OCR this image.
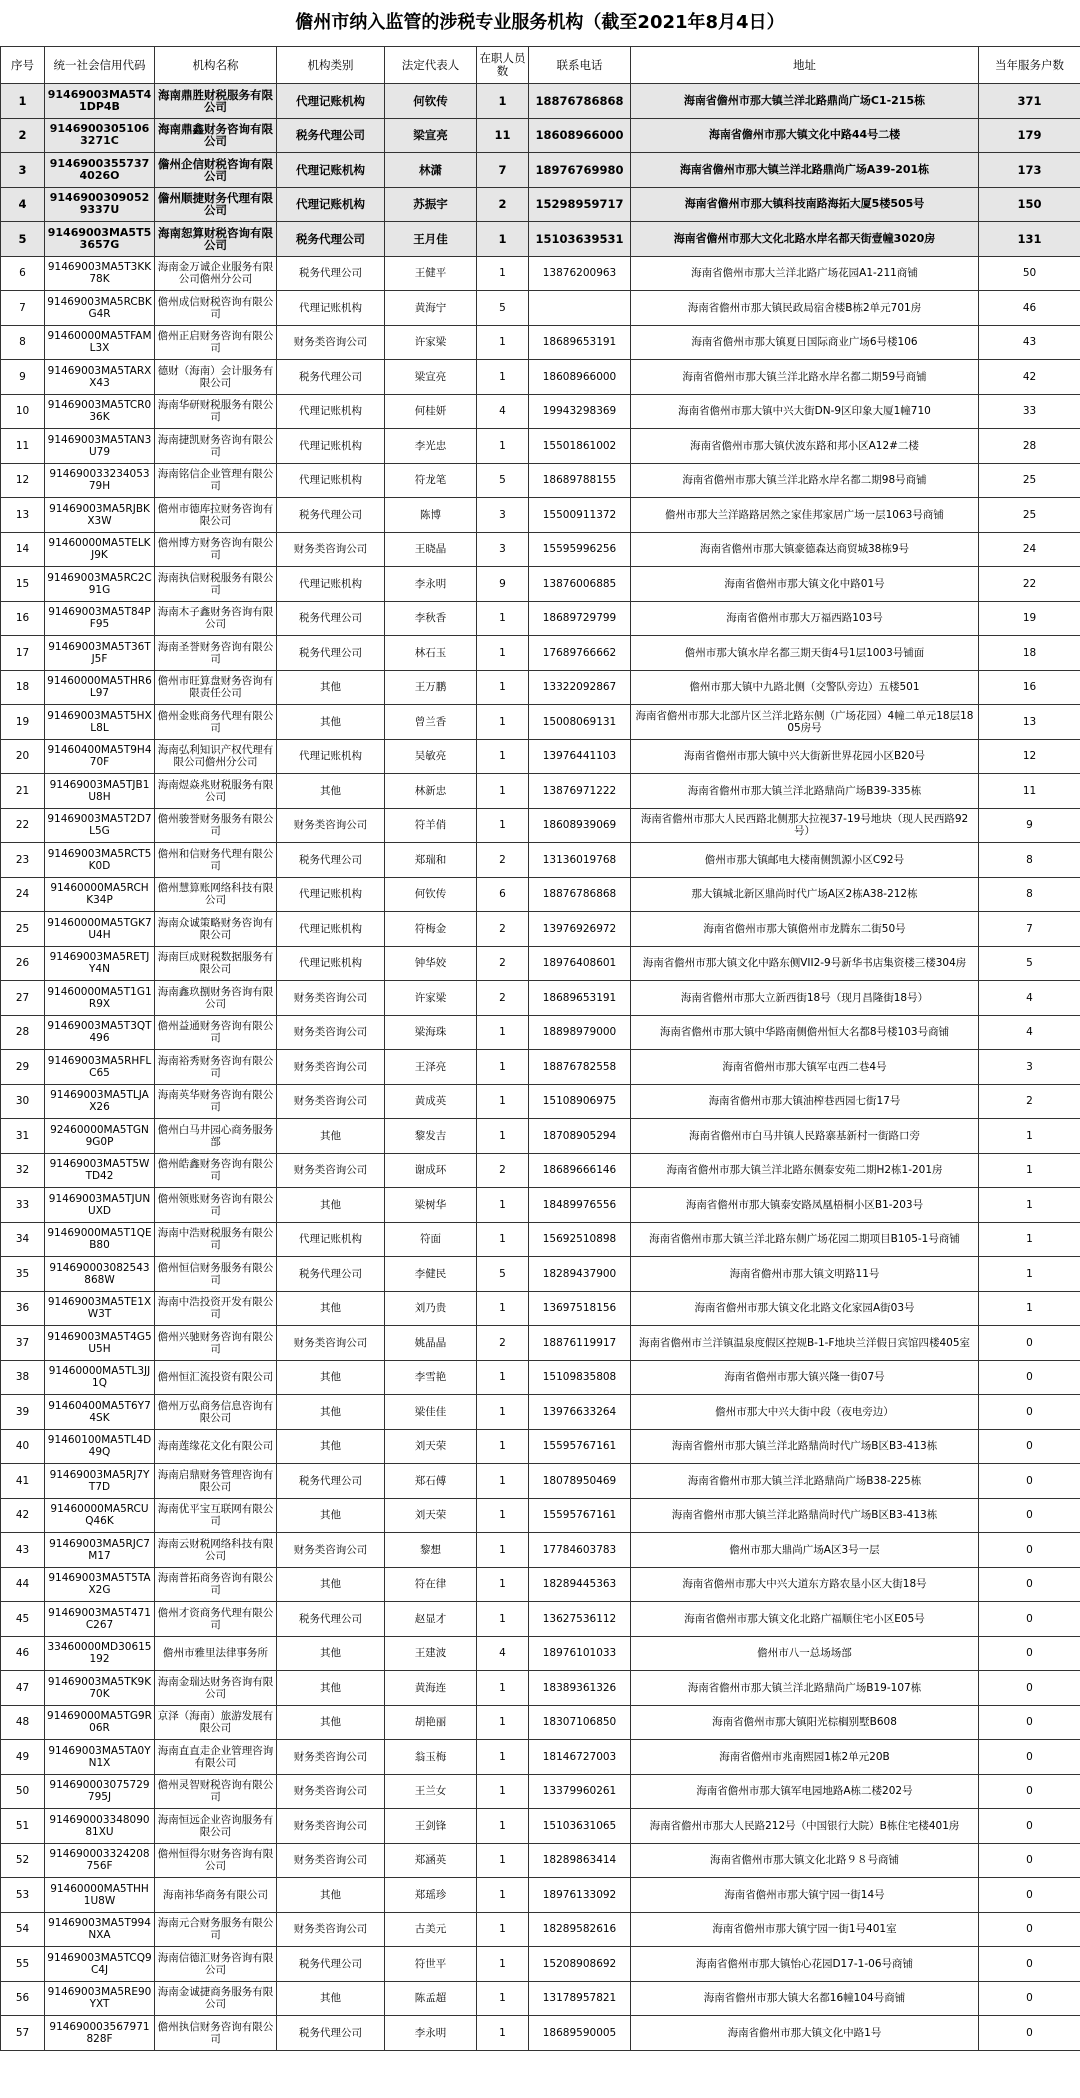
儋州市纳入监管的涉税专业服务机构（截至2021年8月4日）
序号	统一社会信用代码	机构名称	机构类别	法定代表人	在职人员数	联系电话	地址	当年服务户数
1	91469003MA5T41DP4B	海南鼎胜财税服务有限公司	代理记账机构	何钦传	1	18876786868	海南省儋州市那大镇兰洋北路鼎尚广场C1-215栋	371
2	91469003051063271C	海南鼎鑫财务咨询有限公司	税务代理公司	梁宣亮	11	18608966000	海南省儋州市那大镇文化中路44号二楼	179
3	91469003557374026O	儋州企信财税咨询有限公司	代理记账机构	林潇	7	18976769980	海南省儋州市那大镇兰洋北路鼎尚广场A39-201栋	173
4	91469003090529337U	儋州顺捷财务代理有限公司	代理记账机构	苏振宇	2	15298959717	海南省儋州市那大镇科技南路海拓大厦5楼505号	150
5	91469003MA5T53657G	海南恕算财税咨询有限公司	税务代理公司	王月佳	1	15103639531	海南省儋州市那大文化北路水岸名都天街壹幢3020房	131
6	91469003MA5T3KK78K	海南金万诚企业服务有限公司儋州分公司	税务代理公司	王健平	1	13876200963	海南省儋州市那大兰洋北路广场花园A1-211商铺	50
7	91469003MA5RCBKG4R	儋州成信财税咨询有限公司	代理记账机构	黄海宁	5		海南省儋州市那大镇民政局宿舍楼B栋2单元701房	46
8	91460000MA5TFAML3X	儋州正启财务咨询有限公司	财务类咨询公司	许家梁	1	18689653191	海南省儋州市那大镇夏日国际商业广场6号楼106	43
9	91469003MA5TARXX43	德财（海南）会计服务有限公司	税务代理公司	梁宣亮	1	18608966000	海南省儋州市那大镇兰洋北路水岸名都二期59号商铺	42
10	91469003MA5TCR036K	海南华研财税服务有限公司	代理记账机构	何桂妍	4	19943298369	海南省儋州市那大镇中兴大街DN-9区印象大厦1幢710	33
11	91469003MA5TAN3U79	海南捷凯财务咨询有限公司	代理记账机构	李光忠	1	15501861002	海南省儋州市那大镇伏波东路和邦小区A12#二楼	28
12	91469003323405379H	海南铭信企业管理有限公司	代理记账机构	符龙笔	5	18689788155	海南省儋州市那大镇兰洋北路水岸名都二期98号商铺	25
13	91469003MA5RJBKX3W	儋州市德库拉财务咨询有限公司	税务代理公司	陈博	3	15500911372	儋州市那大兰洋路路居然之家佳邦家居广场一层1063号商铺	25
14	91460000MA5TELKJ9K	儋州博方财务咨询有限公司	财务类咨询公司	王晓晶	3	15595996256	海南省儋州市那大镇豪德森达商贸城38栋9号	24
15	91469003MA5RC2C91G	海南执信财税服务有限公司	代理记账机构	李永明	9	13876006885	海南省儋州市那大镇文化中路01号	22
16	91469003MA5T84PF95	海南木子鑫财务咨询有限公司	税务代理公司	李秋香	1	18689729799	海南省儋州市那大万福西路103号	19
17	91469003MA5T36TJ5F	海南圣誉财务咨询有限公司	税务代理公司	林石玉	1	17689766662	儋州市那大镇水岸名都三期天街4号1层1003号铺面	18
18	91460000MA5THR6L97	儋州市旺算盘财务咨询有限责任公司	其他	王万鹏	1	13322092867	儋州市那大镇中九路北侧（交警队旁边）五楼501	16
19	91469003MA5T5HXL8L	儋州金账商务代理有限公司	其他	曾兰香	1	15008069131	海南省儋州市那大北部片区兰洋北路东侧（广场花园）4幢二单元18层1805房号	13
20	91460400MA5T9H470F	海南弘利知识产权代理有限公司儋州分公司	代理记账机构	吴敏亮	1	13976441103	海南省儋州市那大镇中兴大街新世界花园小区B20号	12
21	91469003MA5TJB1U8H	海南煜焱兆财税服务有限公司	其他	林新忠	1	13876971222	海南省儋州市那大镇兰洋北路鼎尚广场B39-335栋	11
22	91469003MA5T2D7L5G	儋州骏誉财务服务有限公司	财务类咨询公司	符羊俏	1	18608939069	海南省儋州市那大人民西路北侧那大拉视37-19号地块（现人民西路92号）	9
23	91469003MA5RCT5K0D	儋州和信财务代理有限公司	税务代理公司	郑瑞和	2	13136019768	儋州市那大镇邮电大楼南侧凯源小区C92号	8
24	91460000MA5RCHK34P	儋州慧算账网络科技有限公司	代理记账机构	何钦传	6	18876786868	那大镇城北新区鼎尚时代广场A区2栋A38-212栋	8
25	91460000MA5TGK7U4H	海南众诚策略财务咨询有限公司	代理记账机构	符梅金	2	13976926972	海南省儋州市那大镇儋州市龙腾东二街50号	7
26	91469003MA5RETJY4N	海南巨成财税数据服务有限公司	代理记账机构	钟华姣	2	18976408601	海南省儋州市那大镇文化中路东侧VII2-9号新华书店集资楼三楼304房	5
27	91460000MA5T1G1R9X	海南鑫玖捌财务咨询有限公司	财务类咨询公司	许家梁	2	18689653191	海南省儋州市那大立新西街18号（现月昌隆街18号）	4
28	91469003MA5T3QT496	儋州益通财务咨询有限公司	财务类咨询公司	梁海珠	1	18898979000	海南省儋州市那大镇中华路南侧儋州恒大名都8号楼103号商铺	4
29	91469003MA5RHFLC65	海南裕秀财务咨询有限公司	财务类咨询公司	王泽亮	1	18876782558	海南省儋州市那大镇军屯西二巷4号	3
30	91469003MA5TLJAX26	海南英华财务咨询有限公司	财务类咨询公司	黄成英	1	15108906975	海南省儋州市那大镇油榨巷西园七街17号	2
31	92460000MA5TGN9G0P	儋州白马井园心商务服务部	其他	黎发吉	1	18708905294	海南省儋州市白马井镇人民路寨基新村一街路口旁	1
32	91469003MA5T5WTD42	儋州皓鑫财务咨询有限公司	财务类咨询公司	谢成环	2	18689666146	海南省儋州市那大镇兰洋北路东侧泰安苑二期H2栋1-201房	1
33	91469003MA5TJUNUXD	儋州领账财务咨询有限公司	其他	梁树华	1	18489976556	海南省儋州市那大镇泰安路凤凰梧桐小区B1-203号	1
34	91469000MA5T1QEB80	海南中浩财税服务有限公司	代理记账机构	符面	1	15692510898	海南省儋州市那大镇兰洋北路东侧广场花园二期项目B105-1号商铺	1
35	914690003082543868W	儋州恒信财务服务有限公司	税务代理公司	李健民	5	18289437900	海南省儋州市那大镇文明路11号	1
36	91469003MA5TE1XW3T	海南中浩投资开发有限公司	其他	刘乃贵	1	13697518156	海南省儋州市那大镇文化北路文化家园A街03号	1
37	91469003MA5T4G5U5H	儋州兴驰财务咨询有限公司	财务类咨询公司	姚晶晶	2	18876119917	海南省儋州市兰洋镇温泉度假区控规B-1-F地块兰洋假日宾馆四楼405室	0
38	91460000MA5TL3JJ1Q	儋州恒汇流投资有限公司	其他	李雪艳	1	15109835808	海南省儋州市那大镇兴隆一街07号	0
39	91460400MA5T6Y74SK	儋州万弘商务信息咨询有限公司	其他	梁佳佳	1	13976633264	儋州市那大中兴大街中段（夜电旁边）	0
40	91460100MA5TL4D49Q	海南莲缘花文化有限公司	其他	刘天荣	1	15595767161	海南省儋州市那大镇兰洋北路鼎尚时代广场B区B3-413栋	0
41	91469003MA5RJ7YT7D	海南启鼎财务管理咨询有限公司	税务代理公司	郑石傅	1	18078950469	海南省儋州市那大镇兰洋北路鼎尚广场B38-225栋	0
42	91460000MA5RCUQ46K	海南优平宝互联网有限公司	其他	刘天荣	1	15595767161	海南省儋州市那大镇兰洋北路鼎尚时代广场B区B3-413栋	0
43	91469003MA5RJC7M17	海南云财税网络科技有限公司	财务类咨询公司	黎想	1	17784603783	儋州市那大鼎尚广场A区3号一层	0
44	91469003MA5T5TAX2G	海南普拓商务咨询有限公司	其他	符在律	1	18289445363	海南省儋州市那大中兴大道东方路农垦小区大街18号	0
45	91469003MA5T471C267	儋州才资商务代理有限公司	税务代理公司	赵显才	1	13627536112	海南省儋州市那大镇文化北路广福顺住宅小区E05号	0
46	33460000MD30615192	儋州市雅里法律事务所	其他	王建波	4	18976101033	儋州市八一总场场部	0
47	91469003MA5TK9K70K	海南金瑞达财务咨询有限公司	其他	黄海连	1	18389361326	海南省儋州市那大镇兰洋北路鼎尚广场B19-107栋	0
48	91469000MA5TG9R06R	京泽（海南）旅游发展有限公司	其他	胡艳丽	1	18307106850	海南省儋州市那大镇阳光棕榈别墅B608	0
49	91469003MA5TA0YN1X	海南直直走企业管理咨询有限公司	财务类咨询公司	翁玉梅	1	18146727003	海南省儋州市兆南熙园1栋2单元20B	0
50	914690003075729795J	儋州灵智财税咨询有限公司	财务类咨询公司	王兰女	1	13379960261	海南省儋州市那大镇军电园地路A栋二楼202号	0
51	91469000334809081XU	海南恒远企业咨询服务有限公司	财务类咨询公司	王剑锋	1	15103631065	海南省儋州市那大人民路212号（中国银行大院）B栋住宅楼401房	0
52	914690003324208756F	儋州恒得尔财务咨询有限公司	财务类咨询公司	郑涵英	1	18289863414	海南省儋州市那大镇文化北路９８号商铺	0
53	91460000MA5THH1U8W	海南祎华商务有限公司	其他	郑瑶珍	1	18976133092	海南省儋州市那大镇宁园一街14号	0
54	91469003MA5T994NXA	海南元合财务服务有限公司	财务类咨询公司	古美元	1	18289582616	海南省儋州市那大镇宁园一街1号401室	0
55	91469003MA5TCQ9C4J	海南信德汇财务咨询有限公司	税务代理公司	符世平	1	15208908692	海南省儋州市那大镇怡心花园D17-1-06号商铺	0
56	91469003MA5RE90YXT	海南金诚捷商务服务有限公司	其他	陈孟超	1	13178957821	海南省儋州市那大镇大名都16幢104号商铺	0
57	914690003567971828F	儋州执信财务咨询有限公司	税务代理公司	李永明	1	18689590005	海南省儋州市那大镇文化中路1号	0
